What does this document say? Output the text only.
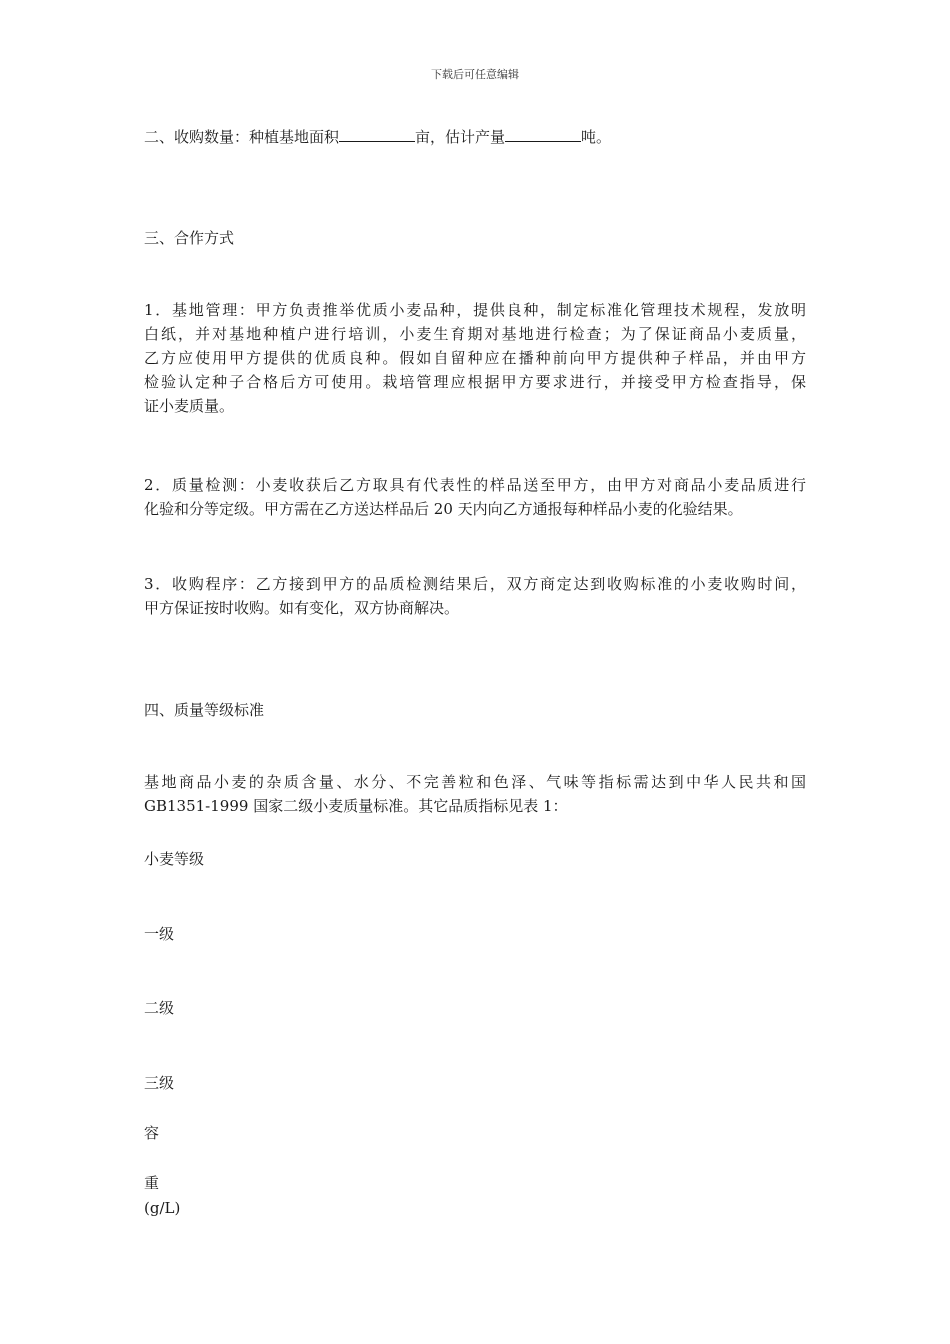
下载后可任意编辑
二、收购数量：种植基地面积	亩，估计产量	吨。
三、合作方式
1．基地管理：甲方负责推举优质小麦品种，提供良种，制定标准化管理技术规程，发放明
白纸，并对基地种植户进行培训，小麦生育期对基地进行检查；为了保证商品小麦质量，
乙方应使用甲方提供的优质良种。假如自留种应在播种前向甲方提供种子样品，并由甲方
检验认定种子合格后方可使用。栽培管理应根据甲方要求进行，并接受甲方检查指导，保
证小麦质量。
2．质量检测：小麦收获后乙方取具有代表性的样品送至甲方，由甲方对商品小麦品质进行
化验和分等定级。甲方需在乙方送达样品后 20 天内向乙方通报每种样品小麦的化验结果。
3．收购程序：乙方接到甲方的品质检测结果后，双方商定达到收购标准的小麦收购时间，
甲方保证按时收购。如有变化，双方协商解决。
四、质量等级标准
基地商品小麦的杂质含量、水分、不完善粒和色泽、气味等指标需达到中华人民共和国
GB1351-1999 国家二级小麦质量标准。其它品质指标见表 1：
小麦等级
一级
二级
三级
容
重
(g/L)
